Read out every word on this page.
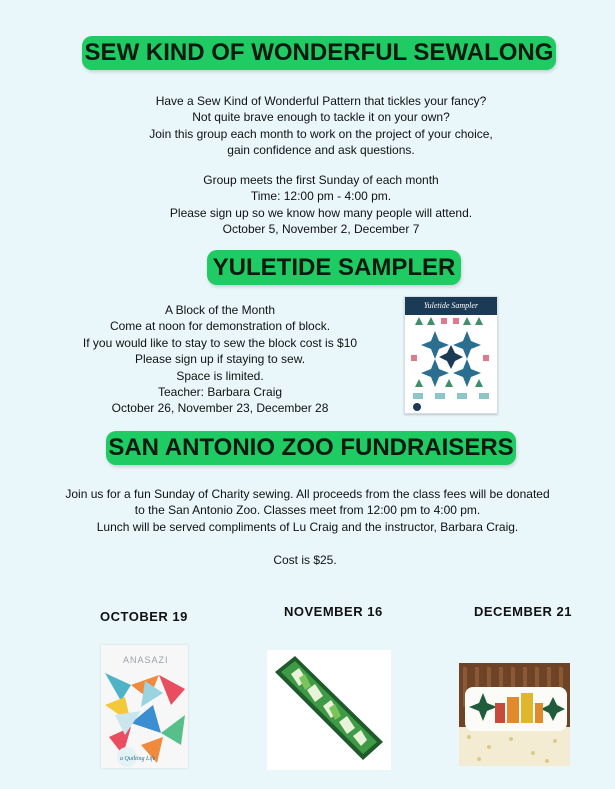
SEW KIND OF WONDERFUL SEWALONG
Have a Sew Kind of Wonderful Pattern that tickles your fancy?
Not quite brave enough to tackle it on your own?
Join this group each month to work on the project of your choice,
gain confidence and ask questions.
Group meets the first Sunday of each month
Time: 12:00 pm - 4:00 pm.
Please sign up so we know how many people will attend.
October 5, November 2, December 7
YULETIDE SAMPLER
A Block of the Month
Come at noon for demonstration of block.
If you would like to stay to sew the block cost is $10
Please sign up if staying to sew.
Space is limited.
Teacher: Barbara Craig
October 26, November 23, December 28
Yuletide Sampler
SAN ANTONIO ZOO FUNDRAISERS
Join us for a fun Sunday of Charity sewing. All proceeds from the class fees will be donated
to the San Antonio Zoo. Classes meet from 12:00 pm to 4:00 pm.
Lunch will be served compliments of Lu Craig and the instructor, Barbara Craig.
Cost is $25.
OCTOBER 19	NOVEMBER 16	DECEMBER 21
ANASAZI
a Quilting Life
